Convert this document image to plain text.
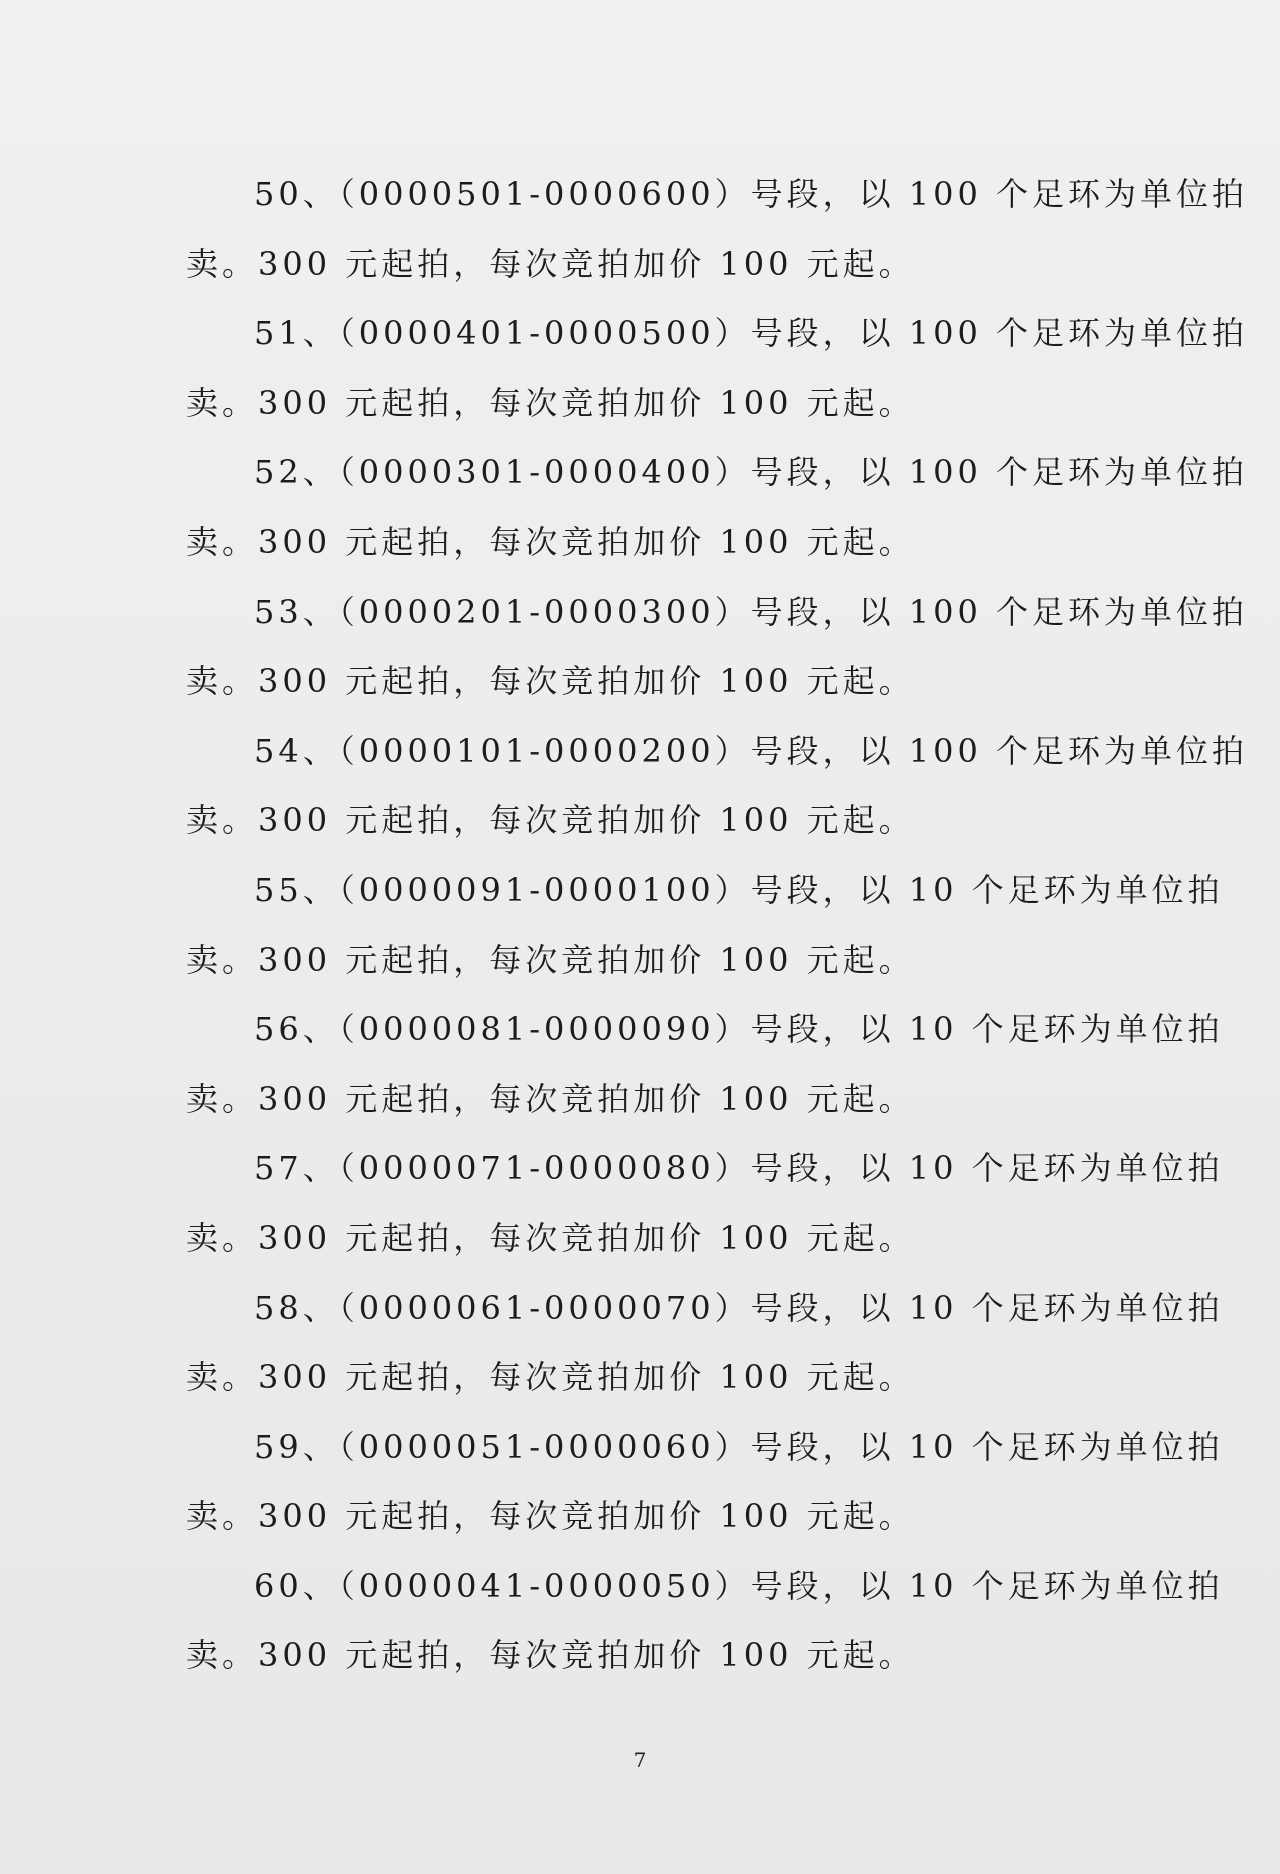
50、（0000501-0000600）号段，以 100 个足环为单位拍
卖。300 元起拍，每次竞拍加价 100 元起。
51、（0000401-0000500）号段，以 100 个足环为单位拍
卖。300 元起拍，每次竞拍加价 100 元起。
52、（0000301-0000400）号段，以 100 个足环为单位拍
卖。300 元起拍，每次竞拍加价 100 元起。
53、（0000201-0000300）号段，以 100 个足环为单位拍
卖。300 元起拍，每次竞拍加价 100 元起。
54、（0000101-0000200）号段，以 100 个足环为单位拍
卖。300 元起拍，每次竞拍加价 100 元起。
55、（0000091-0000100）号段，以 10 个足环为单位拍
卖。300 元起拍，每次竞拍加价 100 元起。
56、（0000081-0000090）号段，以 10 个足环为单位拍
卖。300 元起拍，每次竞拍加价 100 元起。
57、（0000071-0000080）号段，以 10 个足环为单位拍
卖。300 元起拍，每次竞拍加价 100 元起。
58、（0000061-0000070）号段，以 10 个足环为单位拍
卖。300 元起拍，每次竞拍加价 100 元起。
59、（0000051-0000060）号段，以 10 个足环为单位拍
卖。300 元起拍，每次竞拍加价 100 元起。
60、（0000041-0000050）号段，以 10 个足环为单位拍
卖。300 元起拍，每次竞拍加价 100 元起。
7
